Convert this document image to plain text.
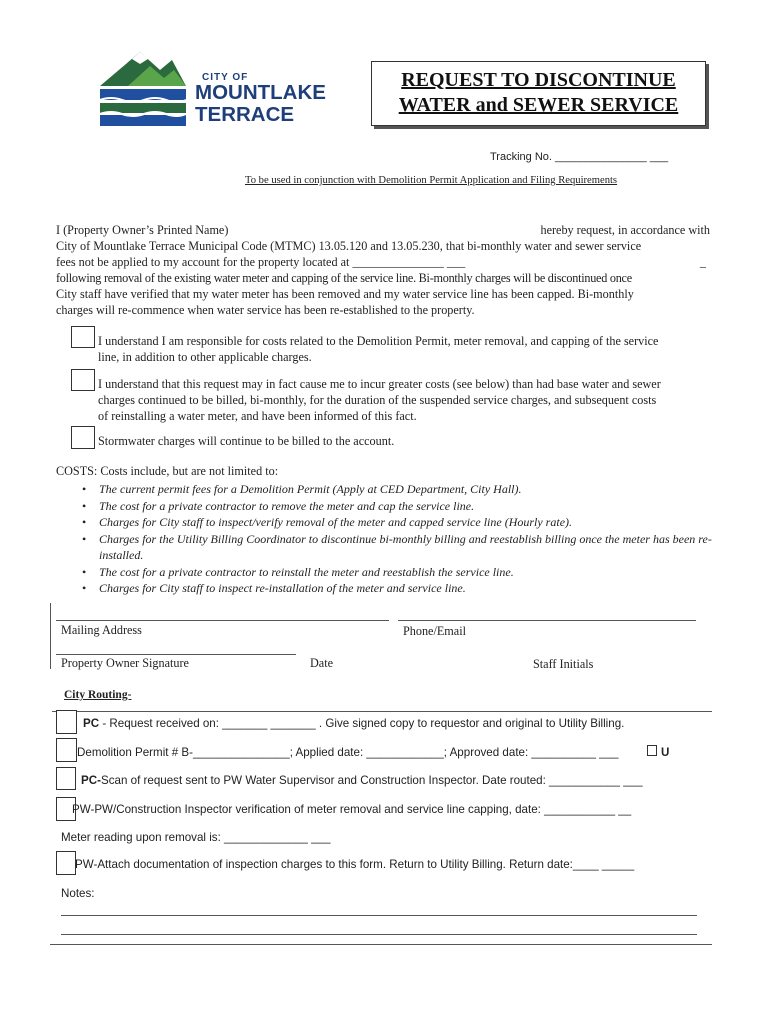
CITY OF
MOUNTLAKE
TERRACE
REQUEST TO DISCONTINUE
WATER and SEWER SERVICE
Tracking No. _______________ ___
To be used in conjunction with Demolition Permit Application and Filing Requirements
I (Property Owner’s Printed Name)	hereby request, in accordance with
City of Mountlake Terrace Municipal Code (MTMC) 13.05.120 and 13.05.230, that bi-monthly water and sewer service
fees not be applied to my account for the property located at _______________ ___	_
following removal of the existing water meter and capping of the service line. Bi-monthly charges will be discontinued once
City staff have verified that my water meter has been removed and my water service line has been capped. Bi-monthly
charges will re-commence when water service has been re-established to the property.
I understand I am responsible for costs related to the Demolition Permit, meter removal, and capping of the service
line, in addition to other applicable charges.
I understand that this request may in fact cause me to incur greater costs (see below) than had base water and sewer
charges continued to be billed, bi-monthly, for the duration of the suspended service charges, and subsequent costs
of reinstalling a water meter, and have been informed of this fact.
Stormwater charges will continue to be billed to the account.
COSTS: Costs include, but are not limited to:
• The current permit fees for a Demolition Permit (Apply at CED Department, City Hall).
• The cost for a private contractor to remove the meter and cap the service line.
• Charges for City staff to inspect/verify removal of the meter and capped service line (Hourly rate).
• Charges for the Utility Billing Coordinator to discontinue bi-monthly billing and reestablish billing once the meter has been re-installed.
• The cost for a private contractor to reinstall the meter and reestablish the service line.
• Charges for City staff to inspect re-installation of the meter and service line.
Mailing Address	Phone/Email
Property Owner Signature	Date	Staff Initials
City Routing-
PC - Request received on: _______ _______ . Give signed copy to requestor and original to Utility Billing.
Demolition Permit # B-_______________; Applied date: ____________; Approved date: __________ ___	U
PC-Scan of request sent to PW Water Supervisor and Construction Inspector. Date routed: ___________ ___
PW-PW/Construction Inspector verification of meter removal and service line capping, date: ___________ __
Meter reading upon removal is: _____________ ___
PW-Attach documentation of inspection charges to this form. Return to Utility Billing. Return date:____ _____
Notes:
